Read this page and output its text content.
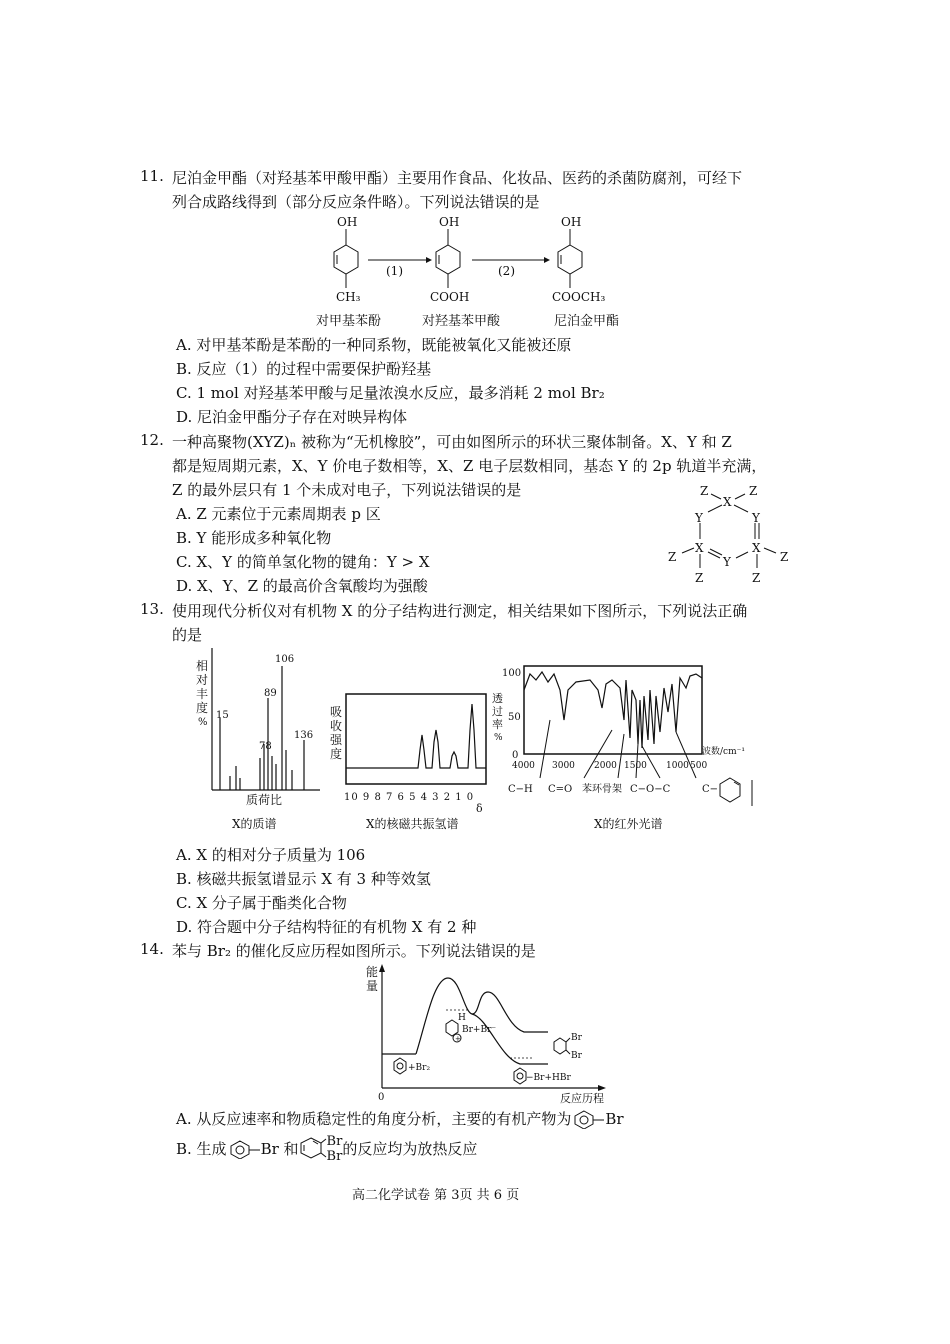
11. 尼泊金甲酯（对羟基苯甲酸甲酯）主要用作食品、化妆品、医药的杀菌防腐剂，可经下
列合成路线得到（部分反应条件略）。下列说法错误的是
OH	OH	OH
(1)	(2)
CH₃	COOH	COOCH₃
对甲基苯酚	对羟基苯甲酸	尼泊金甲酯
A. 对甲基苯酚是苯酚的一种同系物，既能被氧化又能被还原
B. 反应（1）的过程中需要保护酚羟基
C. 1 mol 对羟基苯甲酸与足量浓溴水反应，最多消耗 2 mol Br₂
D. 尼泊金甲酯分子存在对映异构体
12. 一种高聚物(XYZ)ₙ 被称为“无机橡胶”，可由如图所示的环状三聚体制备。X、Y 和 Z
都是短周期元素，X、Y 价电子数相等，X、Z 电子层数相同，基态 Y 的 2p 轨道半充满，
Z 的最外层只有 1 个未成对电子，下列说法错误的是	Z	Z
X
Y	Y
X	X
Y
Z	Z
Z	Z
A. Z 元素位于元素周期表 p 区
B. Y 能形成多种氧化物
C. X、Y 的简单氢化物的键角：Y > X
D. X、Y、Z 的最高价含氧酸均为强酸
13. 使用现代分析仪对有机物 X 的分子结构进行测定，相关结果如下图所示，下列说法正确
的是
相
对
丰
度
%
15
78
89
106
136
质荷比
X的质谱
吸
收
强
度
10 9 8 7 6 5 4 3 2 1 0
δ
X的核磁共振氢谱
透
过
率
%
100
50
0
4000 3000 2000 1500 1000 500
波数/cm⁻¹
C−H C=O 苯环骨架 C−O−C	C−
X的红外光谱
A. X 的相对分子质量为 106
B. 核磁共振氢谱显示 X 有 3 种等效氢
C. X 分子属于酯类化合物
D. 符合题中分子结构特征的有机物 X 有 2 种
14. 苯与 Br₂ 的催化反应历程如图所示。下列说法错误的是
能
量
0	反应历程
+Br₂
+
H
Br+Br⁻
Br
Br
−Br+HBr
A. 从反应速率和物质稳定性的角度分析，主要的有机产物为 Br
B. 生成 Br 和 Br
Br 的反应均为放热反应
高二化学试卷 第 3页 共 6 页
